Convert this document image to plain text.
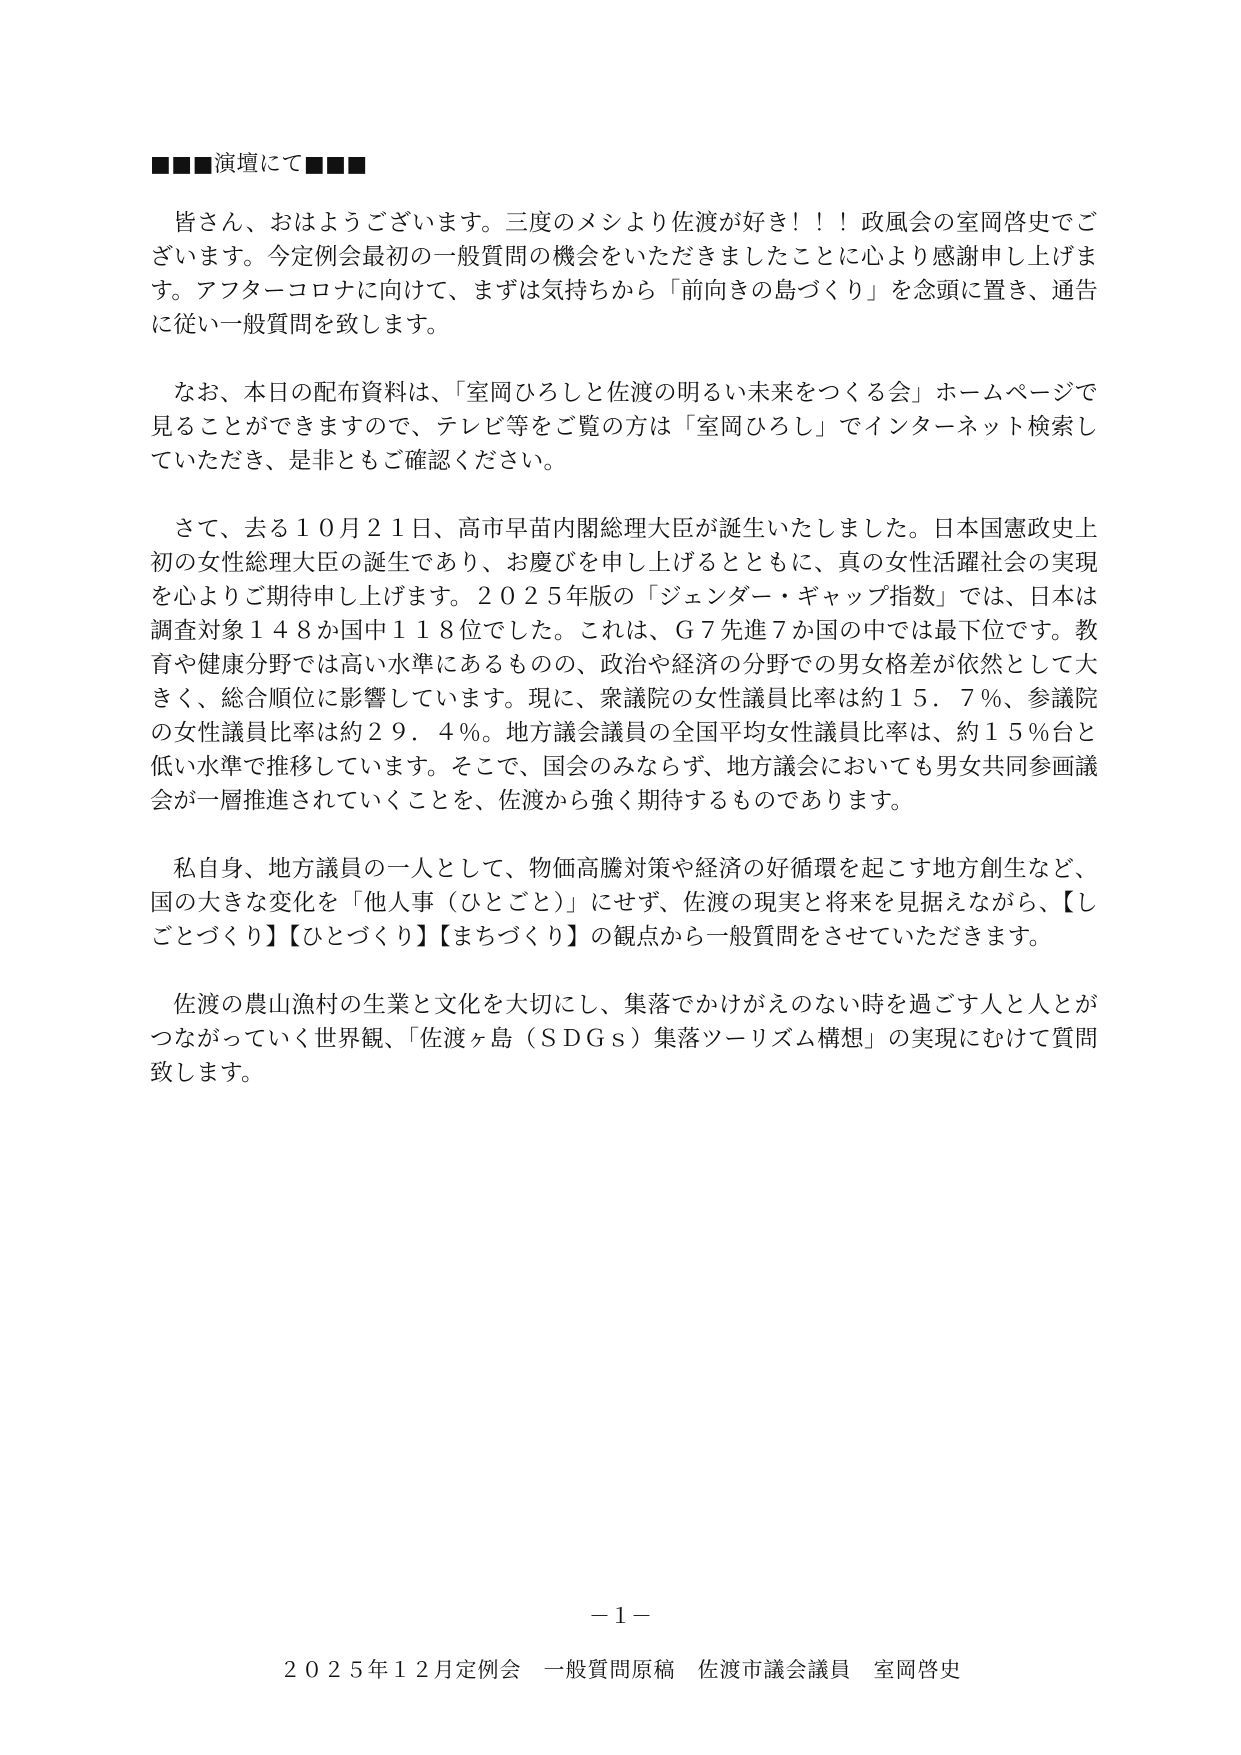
■■■演壇にて■■■

皆さん、おはようございます。三度のメシより佐渡が好き！！！政風会の室岡啓史でございます。今定例会最初の一般質問の機会をいただきましたことに心より感謝申し上げます。アフターコロナに向けて、まずは気持ちから「前向きの島づくり」を念頭に置き、通告に従い一般質問を致します。

なお、本日の配布資料は、「室岡ひろしと佐渡の明るい未来をつくる会」ホームページで見ることができますので、テレビ等をご覧の方は「室岡ひろし」でインターネット検索していただき、是非ともご確認ください。

さて、去る１０月２１日、高市早苗内閣総理大臣が誕生いたしました。日本国憲政史上初の女性総理大臣の誕生であり、お慶びを申し上げるとともに、真の女性活躍社会の実現を心よりご期待申し上げます。２０２５年版の「ジェンダー・ギャップ指数」では、日本は調査対象１４８か国中１１８位でした。これは、Ｇ７先進７か国の中では最下位です。教育や健康分野では高い水準にあるものの、政治や経済の分野での男女格差が依然として大きく、総合順位に影響しています。現に、衆議院の女性議員比率は約１５．７％、参議院の女性議員比率は約２９．４％。地方議会議員の全国平均女性議員比率は、約１５％台と低い水準で推移しています。そこで、国会のみならず、地方議会においても男女共同参画議会が一層推進されていくことを、佐渡から強く期待するものであります。

私自身、地方議員の一人として、物価高騰対策や経済の好循環を起こす地方創生など、国の大きな変化を「他人事（ひとごと）」にせず、佐渡の現実と将来を見据えながら、【しごとづくり】【ひとづくり】【まちづくり】の観点から一般質問をさせていただきます。

佐渡の農山漁村の生業と文化を大切にし、集落でかけがえのない時を過ごす人と人とがつながっていく世界観、「佐渡ヶ島（ＳＤＧｓ）集落ツーリズム構想」の実現にむけて質問致します。

－１－
２０２５年１２月定例会　一般質問原稿　佐渡市議会議員　室岡啓史
